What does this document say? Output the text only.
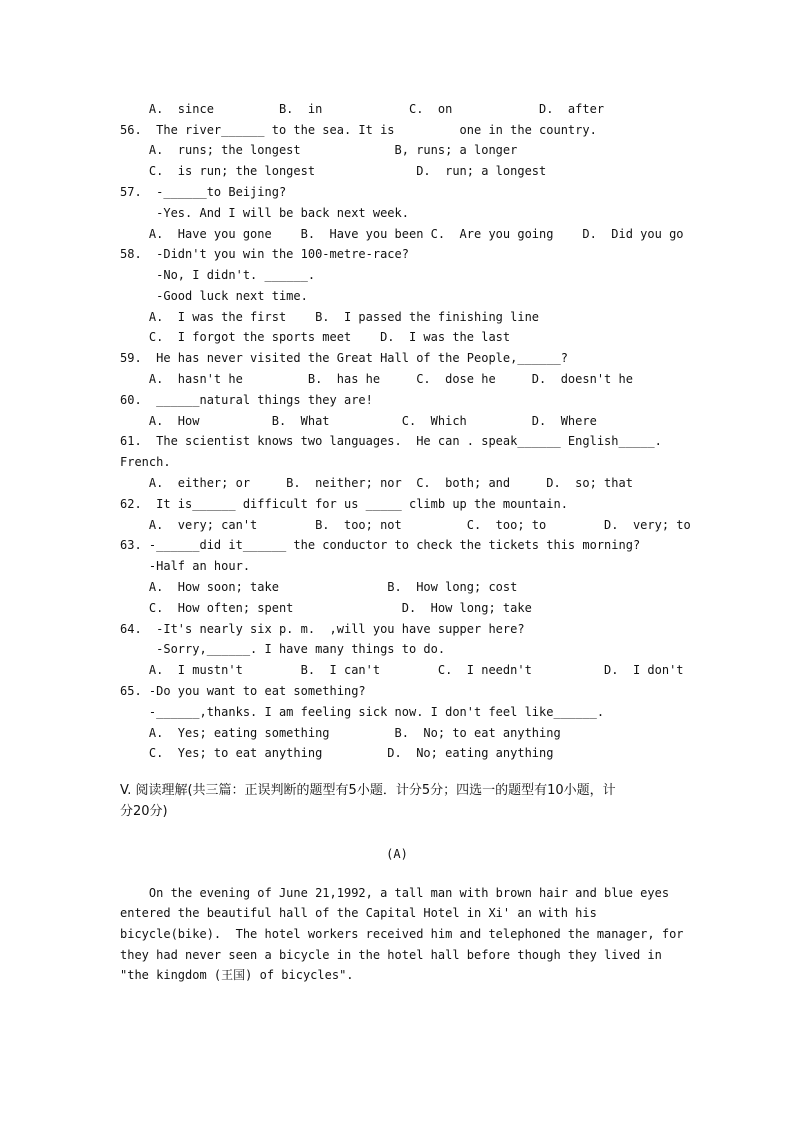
A.  since         B.  in            C.  on            D.  after
56.  The river______ to the sea. It is         one in the country.
A.  runs; the longest             B, runs; a longer
C.  is run; the longest              D.  run; a longest
57.  -______to Beijing?
-Yes. And I will be back next week.
A.  Have you gone    B.  Have you been C.  Are you going    D.  Did you go
58.  -Didn't you win the 100-metre-race?
-No, I didn't. ______.
-Good luck next time.
A.  I was the first    B.  I passed the finishing line
C.  I forgot the sports meet    D.  I was the last
59.  He has never visited the Great Hall of the People,______?
A.  hasn't he         B.  has he     C.  dose he     D.  doesn't he
60.  ______natural things they are!
A.  How          B.  What          C.  Which         D.  Where
61.  The scientist knows two languages.  He can . speak______ English_____.
French.
A.  either; or     B.  neither; nor  C.  both; and     D.  so; that
62.  It is______ difficult for us _____ climb up the mountain.
A.  very; can't        B.  too; not         C.  too; to        D.  very; to
63. -______did it______ the conductor to check the tickets this morning?
-Half an hour.
A.  How soon; take               B.  How long; cost
C.  How often; spent               D.  How long; take
64.  -It's nearly six p. m.  ,will you have supper here?
-Sorry,______. I have many things to do.
A.  I mustn't        B.  I can't        C.  I needn't          D.  I don't
65. -Do you want to eat something?
-______,thanks. I am feeling sick now. I don't feel like______.
A.  Yes; eating something         B.  No; to eat anything
C.  Yes; to eat anything         D.  No; eating anything
V. 阅读理解(共三篇：正误判断的题型有5小题．计分5分；四选一的题型有10小题，计
分20分)
(A)
On the evening of June 21,1992, a tall man with brown hair and blue eyes
entered the beautiful hall of the Capital Hotel in Xi' an with his
bicycle(bike).  The hotel workers received him and telephoned the manager, for
they had never seen a bicycle in the hotel hall before though they lived in
"the kingdom (王国) of bicycles".
